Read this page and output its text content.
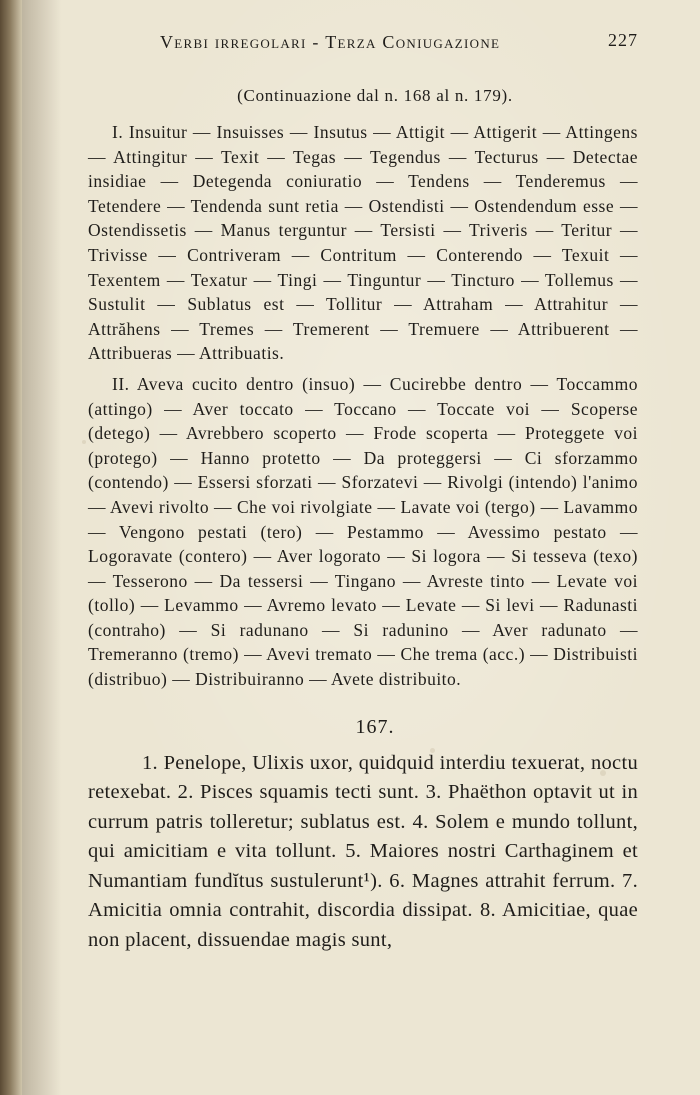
Verbi irregolari - Terza Coniugazione	227
(Continuazione dal n. 168 al n. 179).

I. Insuitur — Insuisses — Insutus — Attigit — Attigerit — Attingens — Attingitur — Texit — Tegas — Tegendus — Tecturus — Detectae insidiae — Detegenda coniuratio — Tendens — Tenderemus — Tetendere — Tendenda sunt retia — Ostendisti — Ostendendum esse — Ostendissetis — Manus terguntur — Tersisti — Triveris — Teritur — Trivisse — Contriveram — Contritum — Conterendo — Texuit — Texentem — Texatur — Tingi — Tinguntur — Tincturo — Tollemus — Sustulit — Sublatus est — Tollitur — Attraham — Attrahitur — Attrăhens — Tremes — Tremerent — Tremuere — Attribuerent — Attribueras — Attribuatis.

II. Aveva cucito dentro (insuo) — Cucirebbe dentro — Toccammo (attingo) — Aver toccato — Toccano — Toccate voi — Scoperse (detego) — Avrebbero scoperto — Frode scoperta — Proteggete voi (protego) — Hanno protetto — Da proteggersi — Ci sforzammo (contendo) — Essersi sforzati — Sforzatevi — Rivolgi (intendo) l'animo — Avevi rivolto — Che voi rivolgiate — Lavate voi (tergo) — Lavammo — Vengono pestati (tero) — Pestammo — Avessimo pestato — Logoravate (contero) — Aver logorato — Si logora — Si tesseva (texo) — Tesserono — Da tessersi — Tingano — Avreste tinto — Levate voi (tollo) — Levammo — Avremo levato — Levate — Si levi — Radunasti (contraho) — Si radunano — Si radunino — Aver radunato — Tremeranno (tremo) — Avevi tremato — Che trema (acc.) — Distribuisti (distribuo) — Distribuiranno — Avete distribuito.

167.

1. Penelope, Ulixis uxor, quidquid interdiu texuerat, noctu retexebat. 2. Pisces squamis tecti sunt. 3. Phaëthon optavit ut in currum patris tolleretur; sublatus est. 4. Solem e mundo tollunt, qui amicitiam e vita tollunt. 5. Maiores nostri Carthaginem et Numantiam fundĭtus sustulerunt¹). 6. Magnes attrahit ferrum. 7. Amicitia omnia contrahit, discordia dissipat. 8. Amicitiae, quae non placent, dissuendae magis sunt,
